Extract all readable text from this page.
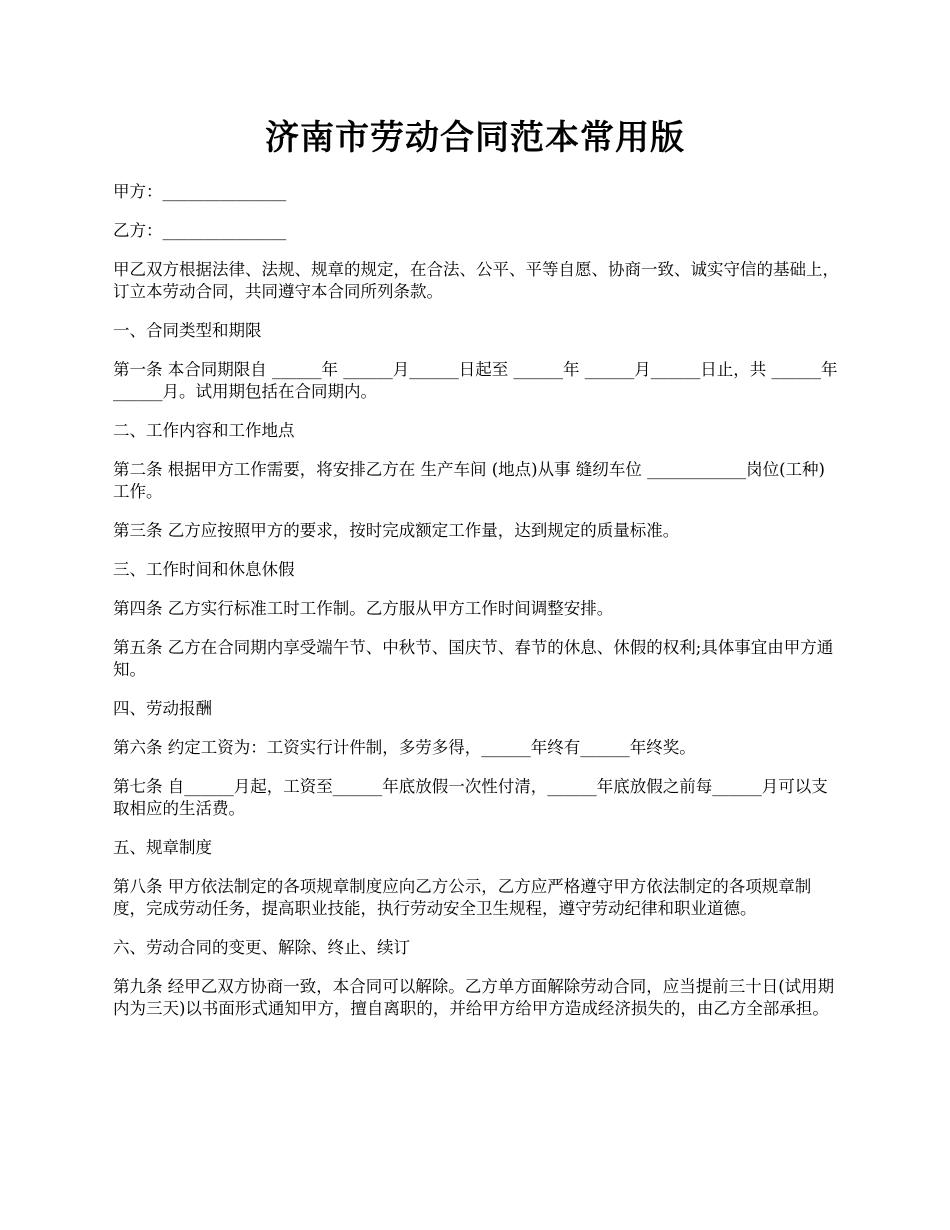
济南市劳动合同范本常用版

甲方：_______________

乙方：_______________

甲乙双方根据法律、法规、规章的规定，在合法、公平、平等自愿、协商一致、诚实守信的基础上，订立本劳动合同，共同遵守本合同所列条款。

一、合同类型和期限

第一条 本合同期限自 ______年 ______月______日起至 ______年 ______月______日止，共 ______年 ______月。试用期包括在合同期内。

二、工作内容和工作地点

第二条 根据甲方工作需要，将安排乙方在 生产车间 (地点)从事 缝纫车位 ____________岗位(工种)工作。

第三条 乙方应按照甲方的要求，按时完成额定工作量，达到规定的质量标准。

三、工作时间和休息休假

第四条 乙方实行标准工时工作制。乙方服从甲方工作时间调整安排。

第五条 乙方在合同期内享受端午节、中秋节、国庆节、春节的休息、休假的权利;具体事宜由甲方通知。

四、劳动报酬

第六条 约定工资为：工资实行计件制，多劳多得，______年终有______年终奖。

第七条 自______月起，工资至______年底放假一次性付清，______年底放假之前每______月可以支取相应的生活费。

五、规章制度

第八条 甲方依法制定的各项规章制度应向乙方公示，乙方应严格遵守甲方依法制定的各项规章制度，完成劳动任务，提高职业技能，执行劳动安全卫生规程，遵守劳动纪律和职业道德。

六、劳动合同的变更、解除、终止、续订

第九条 经甲乙双方协商一致，本合同可以解除。乙方单方面解除劳动合同，应当提前三十日(试用期内为三天)以书面形式通知甲方，擅自离职的，并给甲方给甲方造成经济损失的，由乙方全部承担。
